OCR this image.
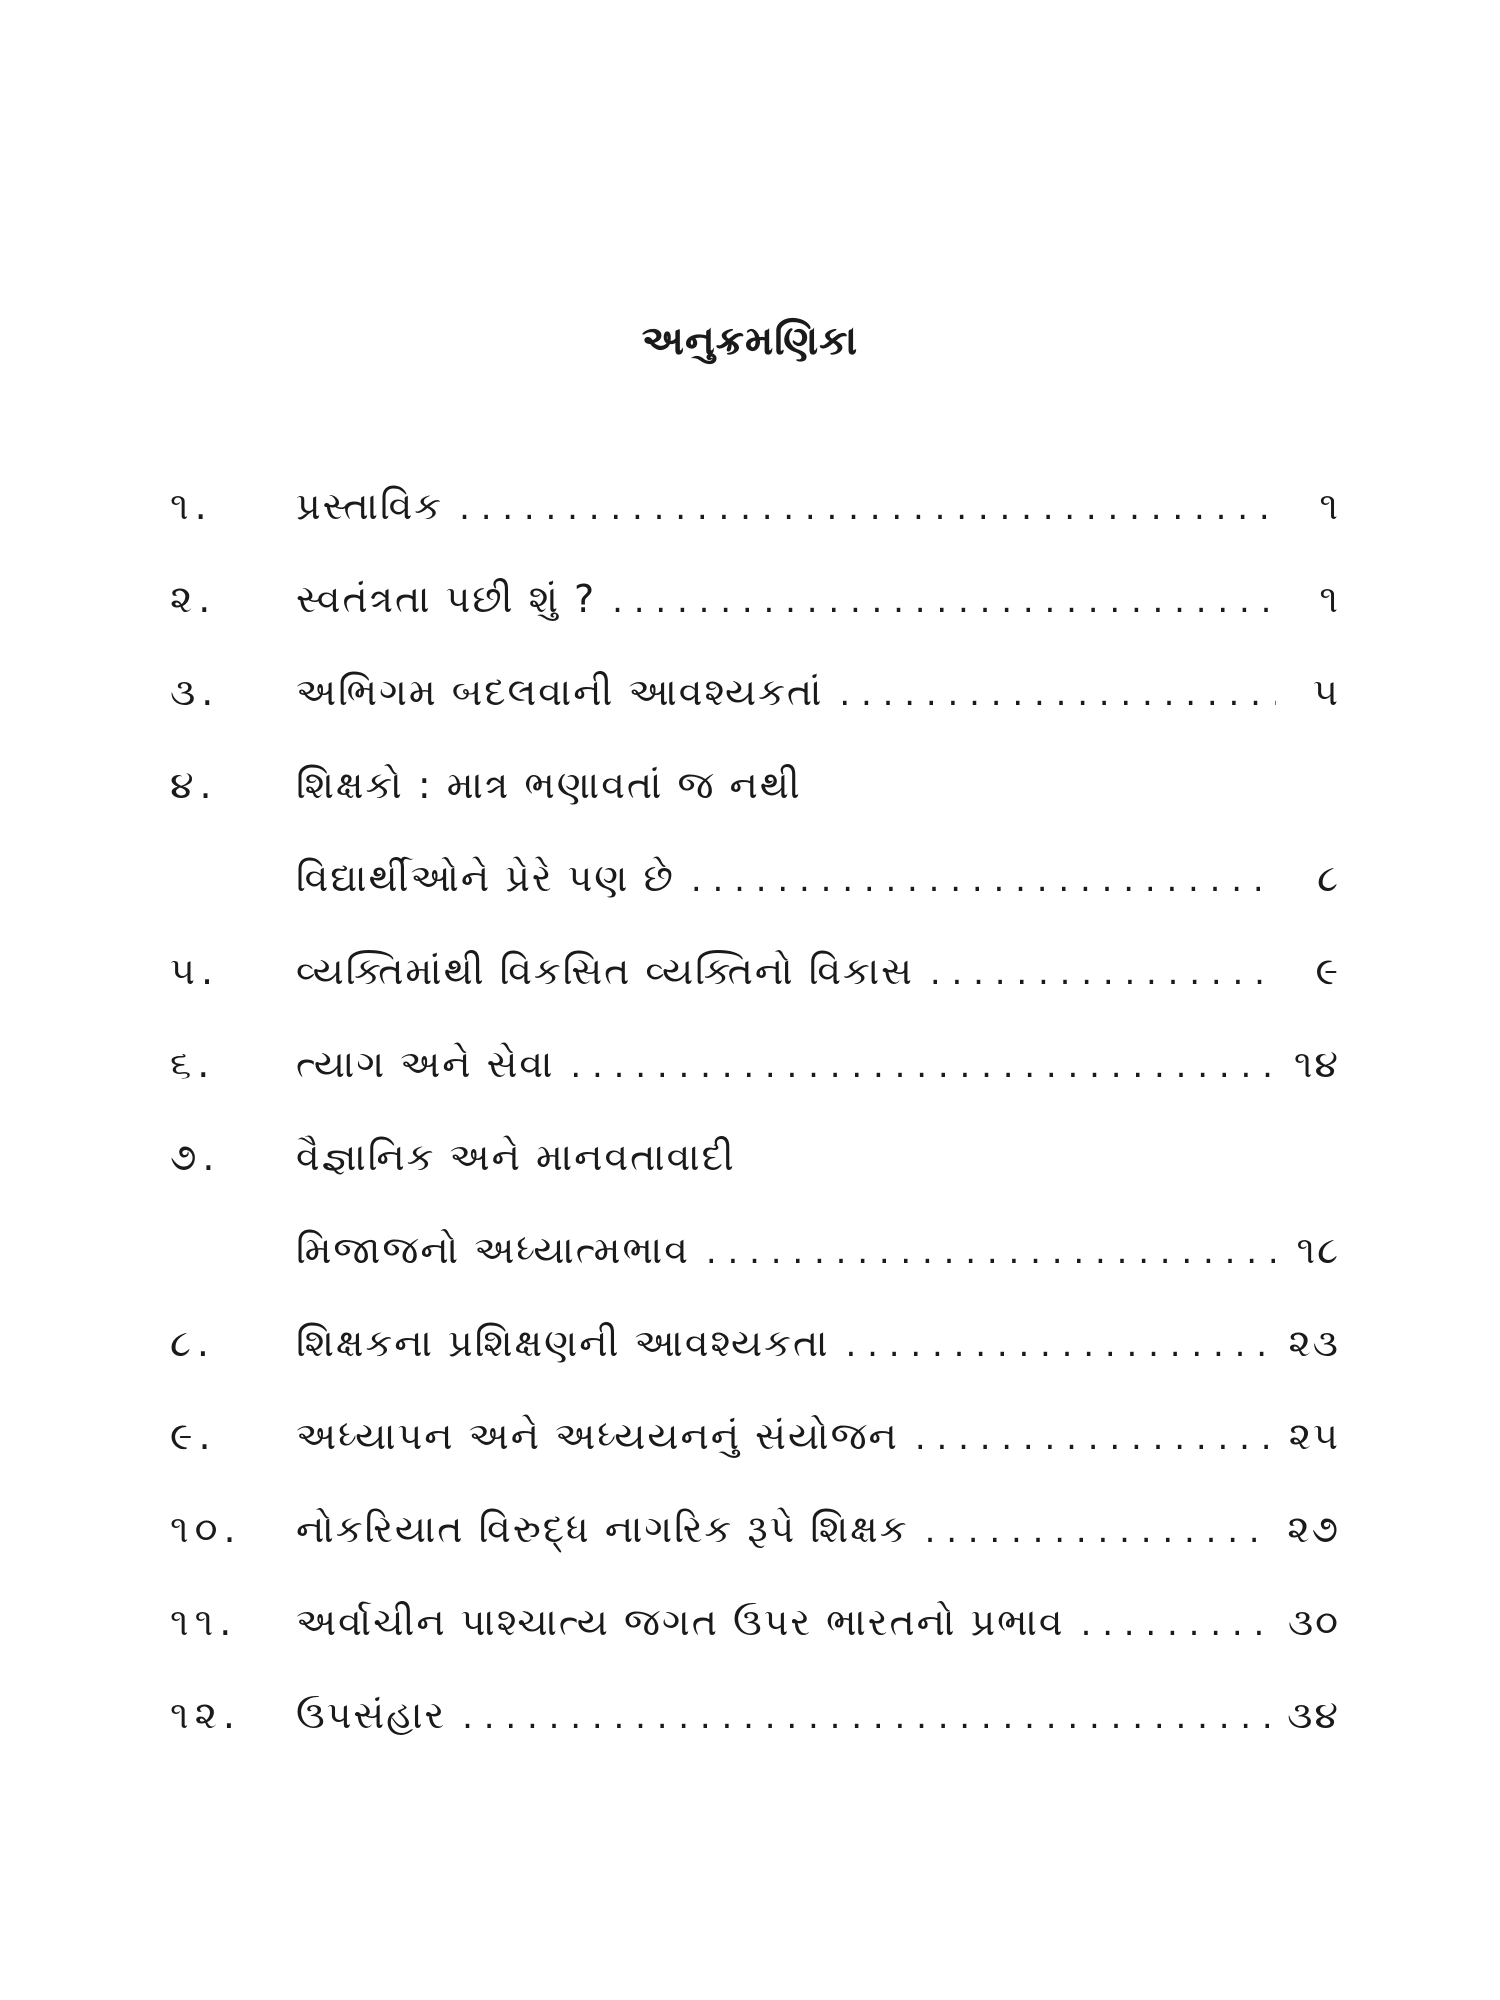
અનુક્રમણિકા
૧.	પ્રસ્તાવિક . . .	૧
૨.	સ્વતંત્રતા પછી શું ? . . .	૧
૩.	અભિગમ બદલવાની આવશ્યકતાં . . .	૫
૪.	શિક્ષકો : માત્ર ભણાવતાં જ નથી
વિદ્યાર્થીઓને પ્રેરે પણ છે . . .	૮
૫.	વ્યક્તિમાંથી વિકસિત વ્યક્તિનો વિકાસ . . .	૯
૬.	ત્યાગ અને સેવા . . .	૧૪
૭.	વૈજ્ઞાનિક અને માનવતાવાદી
મિજાજનો અધ્યાત્મભાવ . . .	૧૮
૮.	શિક્ષકના પ્રશિક્ષણની આવશ્યકતા . . .	૨૩
૯.	અધ્યાપન અને અધ્યયનનું સંયોજન . . .	૨૫
૧૦.	નોકરિયાત વિરુદ્ધ નાગરિક રૂપે શિક્ષક . . .	૨૭
૧૧.	અર્વાચીન પાશ્ચાત્ય જગત ઉપર ભારતનો પ્રભાવ . . .	૩૦
૧૨.	ઉપસંહાર . . .	૩૪
